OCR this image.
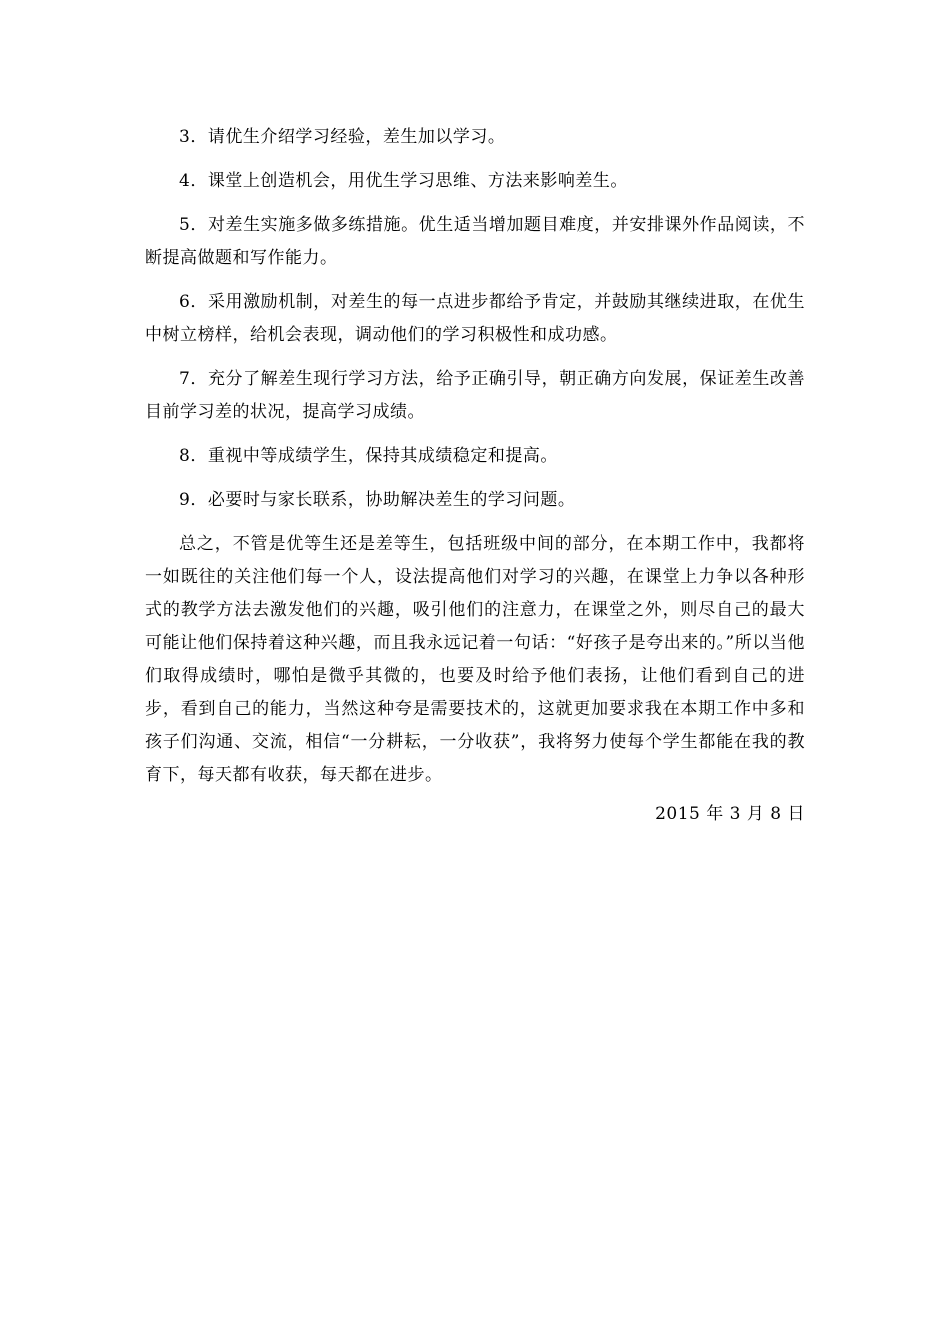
3．请优生介绍学习经验，差生加以学习。

4．课堂上创造机会，用优生学习思维、方法来影响差生。

5．对差生实施多做多练措施。优生适当增加题目难度，并安排课外作品阅读，不断提高做题和写作能力。

6．采用激励机制，对差生的每一点进步都给予肯定，并鼓励其继续进取，在优生中树立榜样，给机会表现，调动他们的学习积极性和成功感。

7．充分了解差生现行学习方法，给予正确引导，朝正确方向发展，保证差生改善目前学习差的状况，提高学习成绩。

8．重视中等成绩学生，保持其成绩稳定和提高。

9．必要时与家长联系，协助解决差生的学习问题。

总之，不管是优等生还是差等生，包括班级中间的部分，在本期工作中，我都将一如既往的关注他们每一个人，设法提高他们对学习的兴趣，在课堂上力争以各种形式的教学方法去激发他们的兴趣，吸引他们的注意力，在课堂之外，则尽自己的最大可能让他们保持着这种兴趣，而且我永远记着一句话：“好孩子是夸出来的。”所以当他们取得成绩时，哪怕是微乎其微的，也要及时给予他们表扬，让他们看到自己的进步，看到自己的能力，当然这种夸是需要技术的，这就更加要求我在本期工作中多和孩子们沟通、交流，相信“一分耕耘，一分收获”，我将努力使每个学生都能在我的教育下，每天都有收获，每天都在进步。

2015 年 3 月 8 日
